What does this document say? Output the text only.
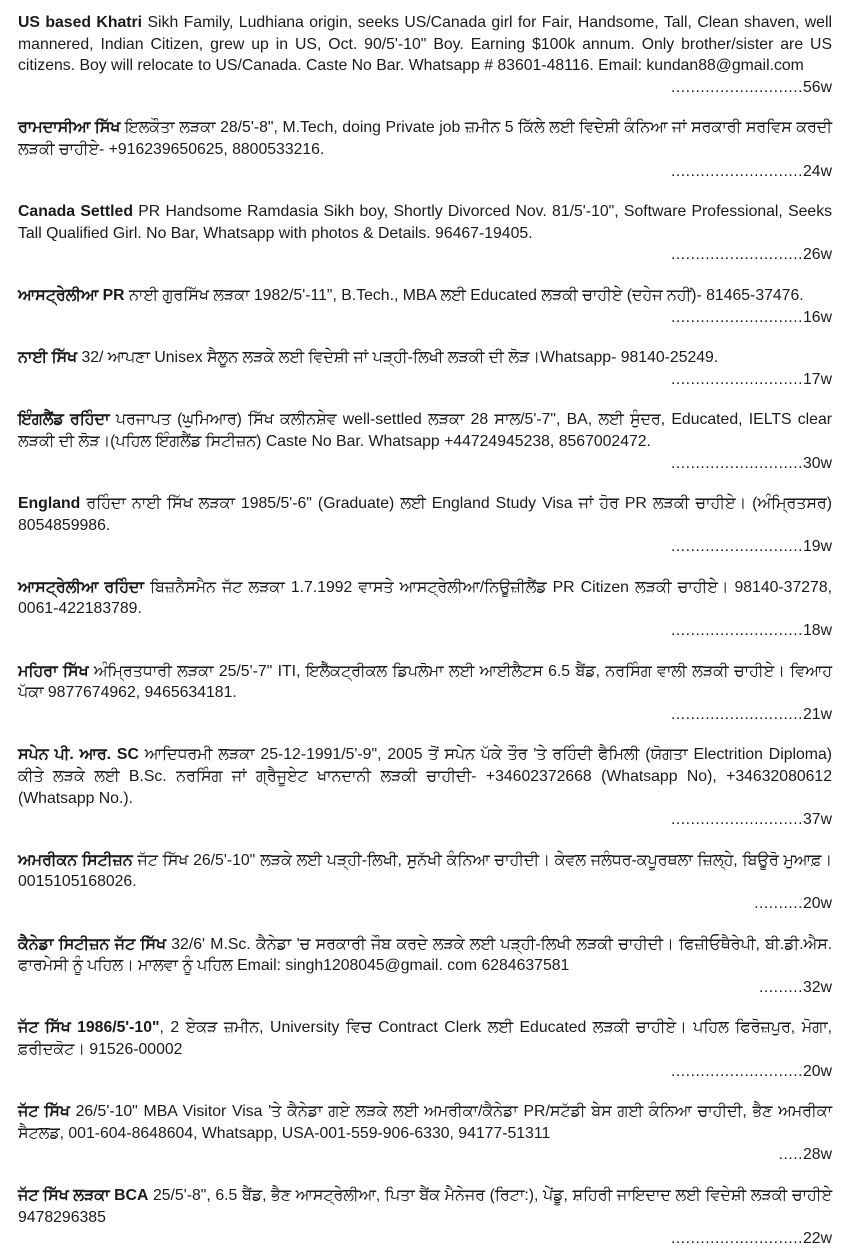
US based Khatri Sikh Family, Ludhiana origin, seeks US/Canada girl for Fair, Handsome, Tall, Clean shaven, well mannered, Indian Citizen, grew up in US, Oct. 90/5'-10" Boy. Earning $100k annum. Only brother/sister are US citizens. Boy will relocate to US/Canada. Caste No Bar. Whatsapp # 83601-48116. Email: kundan88@gmail.com

...........................56w

ਰਾਮਦਾਸੀਆ ਸਿੱਖ ਇਲਕੌਤਾ ਲੜਕਾ 28/5'-8", M.Tech, doing Private job ਜ਼ਮੀਨ 5 ਕਿੱਲੇ ਲਈ ਵਿਦੇਸ਼ੀ ਕੰਨਿਆ ਜਾਂ ਸਰਕਾਰੀ ਸਰਵਿਸ ਕਰਦੀ ਲੜਕੀ ਚਾਹੀਏ- +916239650625, 8800533216.

...........................24w

Canada Settled PR Handsome Ramdasia Sikh boy, Shortly Divorced Nov. 81/5'-10", Software Professional, Seeks Tall Qualified Girl. No Bar, Whatsapp with photos & Details. 96467-19405.

...........................26w

ਆਸਟ੍ਰੇਲੀਆ PR ਨਾਈ ਗੁਰਸਿੱਖ ਲੜਕਾ 1982/5'-11", B.Tech., MBA ਲਈ Educated ਲੜਕੀ ਚਾਹੀਏ (ਦਹੇਜ ਨਹੀਂ)- 81465-37476.

...........................16w

ਨਾਈ ਸਿੱਖ 32/ ਆਪਣਾ Unisex ਸੈਲੂਨ ਲੜਕੇ ਲਈ ਵਿਦੇਸ਼ੀ ਜਾਂ ਪੜ੍ਹੀ-ਲਿਖੀ ਲੜਕੀ ਦੀ ਲੋੜ।Whatsapp- 98140-25249.

...........................17w

ਇੰਗਲੈਂਡ ਰਹਿੰਦਾ ਪਰਜਾਪਤ (ਘੁਮਿਆਰ) ਸਿੱਖ ਕਲੀਨਸ਼ੇਵ well-settled ਲੜਕਾ 28 ਸਾਲ/5'-7", BA, ਲਈ ਸੁੰਦਰ, Educated, IELTS clear ਲੜਕੀ ਦੀ ਲੋੜ।(ਪਹਿਲ ਇੰਗਲੈਂਡ ਸਿਟੀਜ਼ਨ) Caste No Bar. Whatsapp +44724945238, 8567002472.

...........................30w

England ਰਹਿੰਦਾ ਨਾਈ ਸਿੱਖ ਲੜਕਾ 1985/5'-6" (Graduate) ਲਈ England Study Visa ਜਾਂ ਹੋਰ PR ਲੜਕੀ ਚਾਹੀਏ। (ਅੰਮ੍ਰਿਤਸਰ) 8054859986.

...........................19w

ਆਸਟ੍ਰੇਲੀਆ ਰਹਿੰਦਾ ਬਿਜ਼ਨੈਸਮੈਨ ਜੱਟ ਲੜਕਾ 1.7.1992 ਵਾਸਤੇ ਆਸਟ੍ਰੇਲੀਆ/ਨਿਊਜ਼ੀਲੈਂਡ PR Citizen ਲੜਕੀ ਚਾਹੀਏ। 98140-37278, 0061-422183789.

...........................18w

ਮਹਿਰਾ ਸਿੱਖ ਅੰਮ੍ਰਿਤਧਾਰੀ ਲੜਕਾ 25/5'-7" ITI, ਇਲੈੱਕਟ੍ਰੀਕਲ ਡਿਪਲੋਮਾ ਲਈ ਆਈਲੈਟਸ 6.5 ਬੈਂਡ, ਨਰਸਿੰਗ ਵਾਲੀ ਲੜਕੀ ਚਾਹੀਏ। ਵਿਆਹ ਪੱਕਾ 9877674962, 9465634181.

...........................21w

ਸਪੇਨ ਪੀ. ਆਰ. SC ਆਦਿਧਰਮੀ ਲੜਕਾ 25-12-1991/5'-9", 2005 ਤੋਂ ਸਪੇਨ ਪੱਕੇ ਤੌਰ 'ਤੇ ਰਹਿੰਦੀ ਫੈਮਿਲੀ (ਯੋਗਤਾ Electrition Diploma) ਕੀਤੇ ਲੜਕੇ ਲਈ B.Sc. ਨਰਸਿੰਗ ਜਾਂ ਗ੍ਰੈਜੂਏਟ ਖਾਨਦਾਨੀ ਲੜਕੀ ਚਾਹੀਦੀ- +34602372668 (Whatsapp No), +34632080612 (Whatsapp No.).

...........................37w

ਅਮਰੀਕਨ ਸਿਟੀਜ਼ਨ ਜੱਟ ਸਿੱਖ 26/5'-10" ਲੜਕੇ ਲਈ ਪੜ੍ਹੀ-ਲਿਖੀ, ਸੁਨੱਖੀ ਕੰਨਿਆ ਚਾਹੀਦੀ। ਕੇਵਲ ਜਲੰਧਰ-ਕਪੂਰਥਲਾ ਜ਼ਿਲ੍ਹੇ, ਬਿਊਰੋ ਮੁਆਫ਼। 0015105168026.

..........20w

ਕੈਨੇਡਾ ਸਿਟੀਜ਼ਨ ਜੱਟ ਸਿੱਖ 32/6' M.Sc. ਕੈਨੇਡਾ 'ਚ ਸਰਕਾਰੀ ਜੌਬ ਕਰਦੇ ਲੜਕੇ ਲਈ ਪੜ੍ਹੀ-ਲਿਖੀ ਲੜਕੀ ਚਾਹੀਦੀ। ਫਿਜ਼ੀਓਥੈਰੇਪੀ, ਬੀ.ਡੀ.ਐਸ. ਫਾਰਮੇਸੀ ਨੂੰ ਪਹਿਲ। ਮਾਲਵਾ ਨੂੰ ਪਹਿਲ Email: singh1208045@gmail. com 6284637581

.........32w

ਜੱਟ ਸਿੱਖ 1986/5'-10", 2 ਏਕੜ ਜ਼ਮੀਨ, University ਵਿਚ Contract Clerk ਲਈ Educated ਲੜਕੀ ਚਾਹੀਏ। ਪਹਿਲ ਫਿਰੋਜ਼ਪੁਰ, ਮੋਗਾ, ਫ਼ਰੀਦਕੋਟ। 91526-00002

...........................20w

ਜੱਟ ਸਿੱਖ 26/5'-10" MBA Visitor Visa 'ਤੇ ਕੈਨੇਡਾ ਗਏ ਲੜਕੇ ਲਈ ਅਮਰੀਕਾ/ਕੈਨੇਡਾ PR/ਸਟੱਡੀ ਬੇਸ ਗਈ ਕੰਨਿਆ ਚਾਹੀਦੀ, ਭੈਣ ਅਮਰੀਕਾ ਸੈਟਲਡ, 001-604-8648604, Whatsapp, USA-001-559-906-6330, 94177-51311

.....28w

ਜੱਟ ਸਿੱਖ ਲੜਕਾ BCA 25/5'-8", 6.5 ਬੈਂਡ, ਭੈਣ ਆਸਟ੍ਰੇਲੀਆ, ਪਿਤਾ ਬੈਂਕ ਮੈਨੇਜਰ (ਰਿਟਾ:), ਪੇਂਡੂ, ਸ਼ਹਿਰੀ ਜਾਇਦਾਦ ਲਈ ਵਿਦੇਸ਼ੀ ਲੜਕੀ ਚਾਹੀਏ 9478296385

...........................22w
